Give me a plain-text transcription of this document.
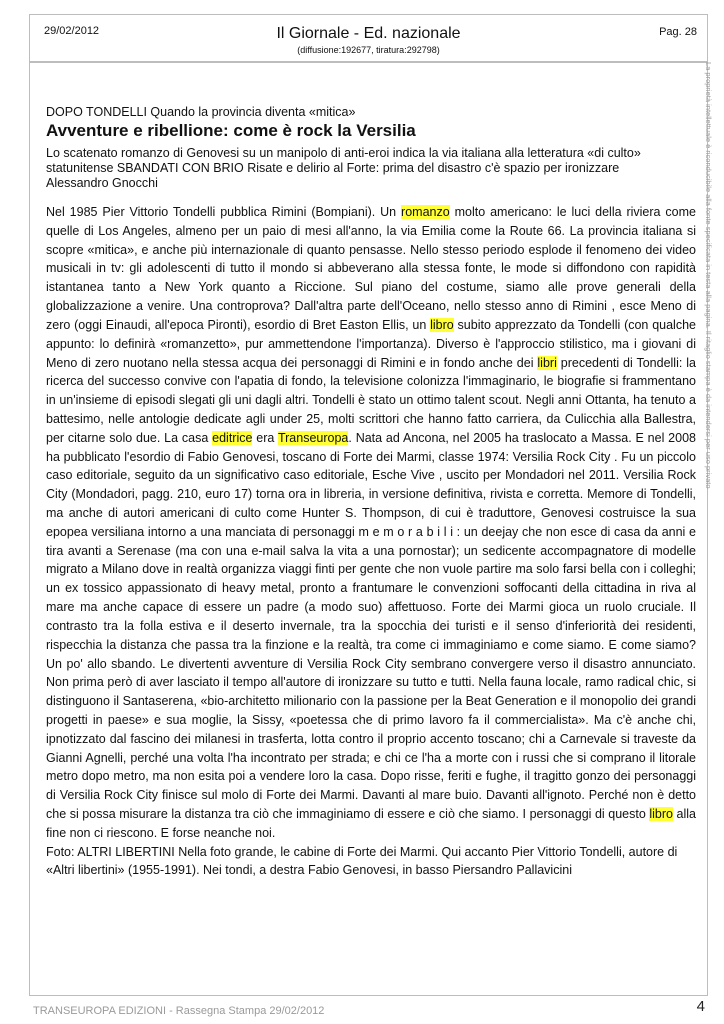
29/02/2012	Il Giornale - Ed. nazionale
(diffusione:192677, tiratura:292798)
Pag. 28
La proprietà intellettuale è riconducibile alla fonte specificata in testa alla pagina. Il ritaglio stampa è da intendersi per uso privato

DOPO TONDELLI Quando la provincia diventa «mitica»

Avventure e ribellione: come è rock la Versilia

Lo scatenato romanzo di Genovesi su un manipolo di anti-eroi indica la via italiana alla letteratura «di culto» statunitense SBANDATI CON BRIO Risate e delirio al Forte: prima del disastro c'è spazio per ironizzare

Alessandro Gnocchi

Nel 1985 Pier Vittorio Tondelli pubblica Rimini (Bompiani). Un romanzo molto americano: le luci della riviera come quelle di Los Angeles, almeno per un paio di mesi all'anno, la via Emilia come la Route 66. La provincia italiana si scopre «mitica», e anche più internazionale di quanto pensasse. Nello stesso periodo esplode il fenomeno dei video musicali in tv: gli adolescenti di tutto il mondo si abbeverano alla stessa fonte, le mode si diffondono con rapidità istantanea tanto a New York quanto a Riccione. Sul piano del costume, siamo alle prove generali della globalizzazione a venire. Una controprova? Dall'altra parte dell'Oceano, nello stesso anno di Rimini , esce Meno di zero (oggi Einaudi, all'epoca Pironti), esordio di Bret Easton Ellis, un libro subito apprezzato da Tondelli (con qualche appunto: lo definirà «romanzetto», pur ammettendone l'importanza). Diverso è l'approccio stilistico, ma i giovani di Meno di zero nuotano nella stessa acqua dei personaggi di Rimini e in fondo anche dei libri precedenti di Tondelli: la ricerca del successo convive con l'apatia di fondo, la televisione colonizza l'immaginario, le biografie si frammentano in un'insieme di episodi slegati gli uni dagli altri. Tondelli è stato un ottimo talent scout. Negli anni Ottanta, ha tenuto a battesimo, nelle antologie dedicate agli under 25, molti scrittori che hanno fatto carriera, da Culicchia alla Ballestra, per citarne solo due. La casa editrice era Transeuropa. Nata ad Ancona, nel 2005 ha traslocato a Massa. E nel 2008 ha pubblicato l'esordio di Fabio Genovesi, toscano di Forte dei Marmi, classe 1974: Versilia Rock City . Fu un piccolo caso editoriale, seguito da un significativo caso editoriale, Esche Vive , uscito per Mondadori nel 2011. Versilia Rock City (Mondadori, pagg. 210, euro 17) torna ora in libreria, in versione definitiva, rivista e corretta. Memore di Tondelli, ma anche di autori americani di culto come Hunter S. Thompson, di cui è traduttore, Genovesi costruisce la sua epopea versiliana intorno a una manciata di personaggi m e m o r a b i l i : un deejay che non esce di casa da anni e tira avanti a Serenase (ma con una e-mail salva la vita a una pornostar); un sedicente accompagnatore di modelle migrato a Milano dove in realtà organizza viaggi finti per gente che non vuole partire ma solo farsi bella con i colleghi; un ex tossico appassionato di heavy metal, pronto a frantumare le convenzioni soffocanti della cittadina in riva al mare ma anche capace di essere un padre (a modo suo) affettuoso. Forte dei Marmi gioca un ruolo cruciale. Il contrasto tra la folla estiva e il deserto invernale, tra la spocchia dei turisti e il senso d'inferiorità dei residenti, rispecchia la distanza che passa tra la finzione e la realtà, tra come ci immaginiamo e come siamo. E come siamo? Un po' allo sbando. Le divertenti avventure di Versilia Rock City sembrano convergere verso il disastro annunciato. Non prima però di aver lasciato il tempo all'autore di ironizzare su tutto e tutti. Nella fauna locale, ramo radical chic, si distinguono il Santaserena, «bio-architetto milionario con la passione per la Beat Generation e il monopolio dei grandi progetti in paese» e sua moglie, la Sissy, «poetessa che di primo lavoro fa il commercialista». Ma c'è anche chi, ipnotizzato dal fascino dei milanesi in trasferta, lotta contro il proprio accento toscano; chi a Carnevale si traveste da Gianni Agnelli, perché una volta l'ha incontrato per strada; e chi ce l'ha a morte con i russi che si comprano il litorale metro dopo metro, ma non esita poi a vendere loro la casa. Dopo risse, feriti e fughe, il tragitto gonzo dei personaggi di Versilia Rock City finisce sul molo di Forte dei Marmi. Davanti al mare buio. Davanti all'ignoto. Perché non è detto che si possa misurare la distanza tra ciò che immaginiamo di essere e ciò che siamo. I personaggi di questo libro alla fine non ci riescono. E forse neanche noi.

Foto: ALTRI LIBERTINI Nella foto grande, le cabine di Forte dei Marmi. Qui accanto Pier Vittorio Tondelli, autore di «Altri libertini» (1955-1991). Nei tondi, a destra Fabio Genovesi, in basso Piersandro Pallavicini

TRANSEUROPA EDIZIONI - Rassegna Stampa 29/02/2012	4
